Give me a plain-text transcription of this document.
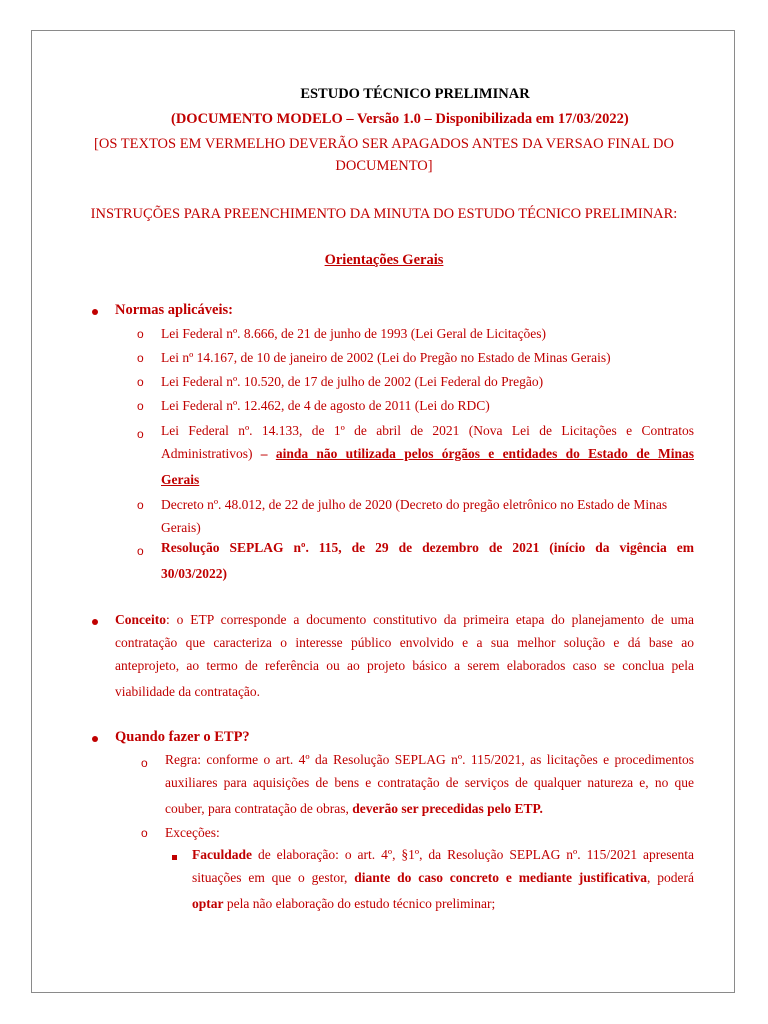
ESTUDO TÉCNICO PRELIMINAR
(DOCUMENTO MODELO – Versão 1.0 – Disponibilizada em 17/03/2022)
[OS TEXTOS EM VERMELHO DEVERÃO SER APAGADOS ANTES DA VERSAO FINAL DO
DOCUMENTO]
INSTRUÇÕES PARA PREENCHIMENTO DA MINUTA DO ESTUDO TÉCNICO PRELIMINAR:
Orientações Gerais
Normas aplicáveis:
o Lei Federal nº. 8.666, de 21 de junho de 1993 (Lei Geral de Licitações)
o Lei nº 14.167, de 10 de janeiro de 2002 (Lei do Pregão no Estado de Minas Gerais)
o Lei Federal nº. 10.520, de 17 de julho de 2002 (Lei Federal do Pregão)
o Lei Federal nº. 12.462, de 4 de agosto de 2011 (Lei do RDC)
o Lei Federal nº. 14.133, de 1º de abril de 2021 (Nova Lei de Licitações e Contratos
Administrativos) – ainda não utilizada pelos órgãos e entidades do Estado de Minas
Gerais
o Decreto nº. 48.012, de 22 de julho de 2020 (Decreto do pregão eletrônico no Estado de Minas
Gerais)
o Resolução SEPLAG nº. 115, de 29 de dezembro de 2021 (início da vigência em
30/03/2022)
Conceito: o ETP corresponde a documento constitutivo da primeira etapa do planejamento de uma
contratação que caracteriza o interesse público envolvido e a sua melhor solução e dá base ao
anteprojeto, ao termo de referência ou ao projeto básico a serem elaborados caso se conclua pela
viabilidade da contratação.
Quando fazer o ETP?
o Regra: conforme o art. 4º da Resolução SEPLAG nº. 115/2021, as licitações e procedimentos
auxiliares para aquisições de bens e contratação de serviços de qualquer natureza e, no que
couber, para contratação de obras, deverão ser precedidas pelo ETP.
o Exceções:
Faculdade de elaboração: o art. 4º, §1º, da Resolução SEPLAG nº. 115/2021 apresenta
situações em que o gestor, diante do caso concreto e mediante justificativa, poderá
optar pela não elaboração do estudo técnico preliminar;
